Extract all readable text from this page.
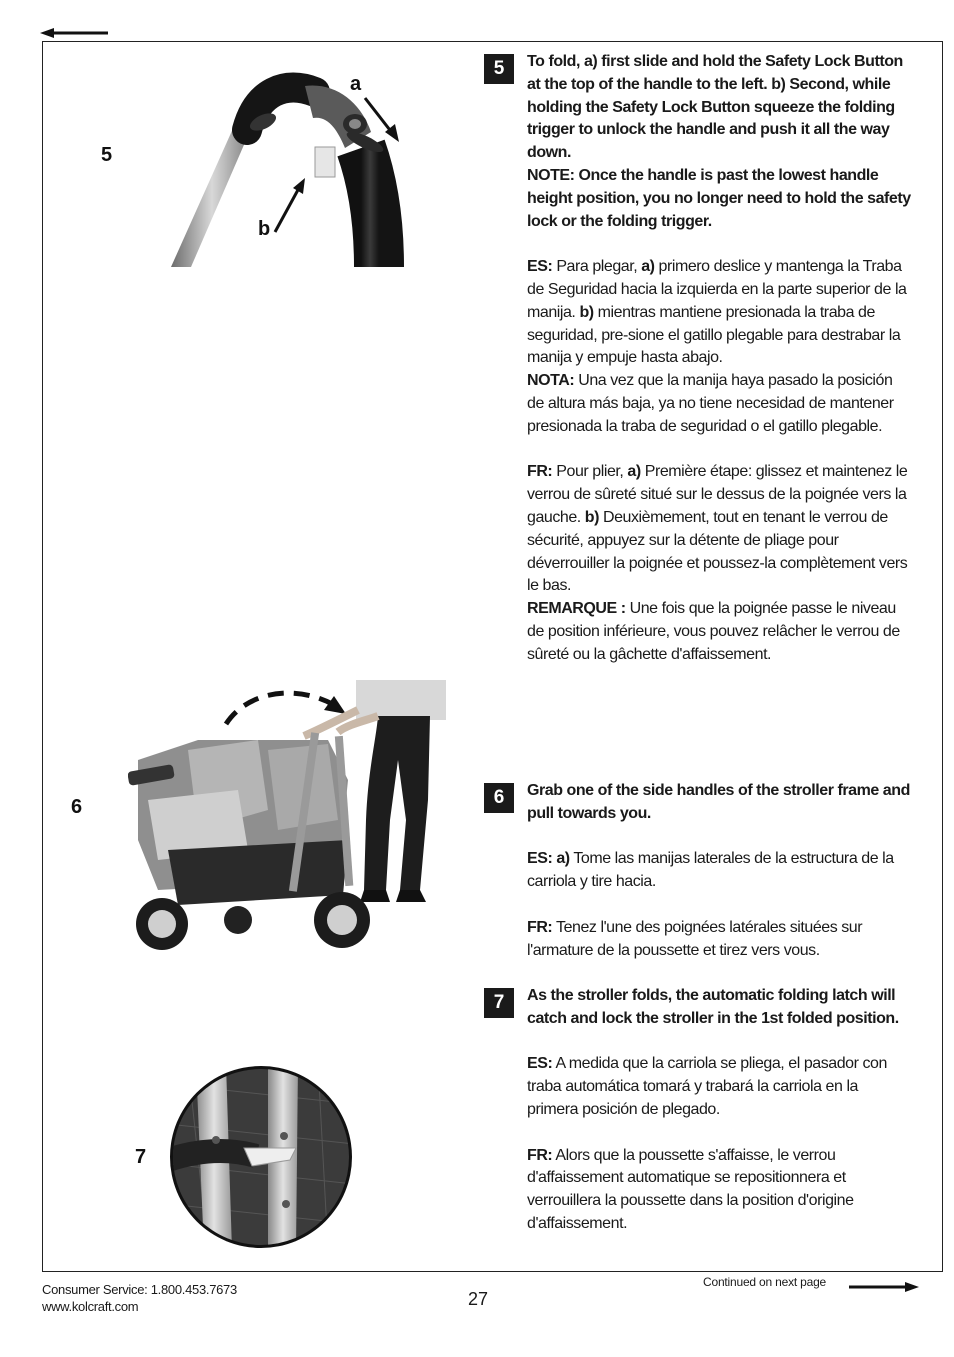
5
6
7
a
b
5
6
7

To fold, a) first slide and hold the Safety Lock Button at the top of the handle to the left. b) Second, while holding the Safety Lock Button squeeze the folding trigger to unlock the handle and push it all the way down.

NOTE: Once the handle is past the lowest handle height position, you no longer need to hold the safety lock or the folding trigger.

ES: Para plegar, a) primero deslice y mantenga la Traba de Seguridad hacia la izquierda en la parte superior de la manija. b) mientras mantiene presionada la traba de seguridad, pre-sione el gatillo plegable para destrabar la manija y empuje hasta abajo.

NOTA: Una vez que la manija haya pasado la posición de altura más baja, ya no tiene necesidad de mantener presionada la traba de seguridad o el gatillo plegable.

FR: Pour plier, a) Première étape: glissez et maintenez le verrou de sûreté situé sur le dessus de la poignée vers la gauche. b) Deuxièmement, tout en tenant le verrou de sécurité, appuyez sur la détente de pliage pour déverrouiller la poignée et poussez-la complètement vers le bas.

REMARQUE : Une fois que la poignée passe le niveau de position inférieure, vous pouvez relâcher le verrou de sûreté ou la gâchette d'affaissement.

Grab one of the side handles of the stroller frame and pull towards you.

ES: a) Tome las manijas laterales de la estructura de la carriola y tire hacia.

FR: Tenez l'une des poignées latérales situées sur l'armature de la poussette et tirez vers vous.

As the stroller folds, the automatic folding latch will catch and lock the stroller in the 1st folded position.

ES: A medida que la carriola se pliega, el pasador con traba automática tomará y trabará la carriola en la primera posición de plegado.

FR: Alors que la poussette s'affaisse, le verrou d'affaissement automatique se repositionnera et verrouillera la poussette dans la position d'origine d'affaissement.

Consumer Service: 1.800.453.7673
www.kolcraft.com	27
Continued on next page
